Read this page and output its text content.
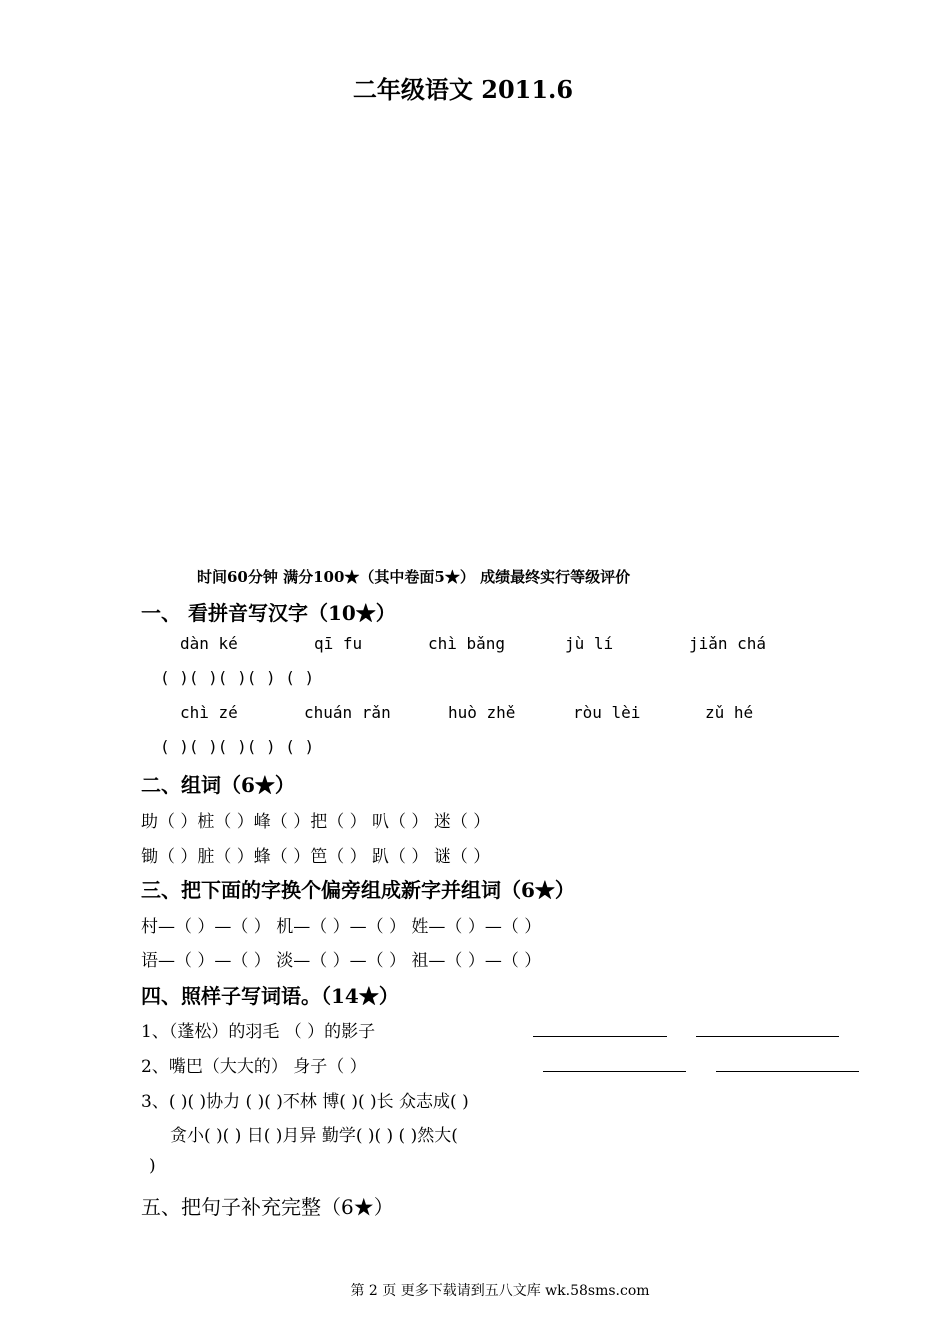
二年级语文 2011.6
时间60分钟 满分100★（其中卷面5★） 成绩最终实行等级评价
一、 看拼音写汉字（10★）
dàn ké	qī fu	chì bǎng	jù lí	jiǎn chá
( )( )( )( ) ( )
chì zé	chuán rǎn	huò zhě	ròu lèi	zǔ hé
( )( )( )( ) ( )
二、组词（6★）
助（ ）桩（ ）峰（ ）把（ ） 叭（ ） 迷（ ）
锄（ ）脏（ ）蜂（ ）笆（ ） 趴（ ） 谜（ ）
三、把下面的字换个偏旁组成新字并组词（6★）
村—（ ）—（ ） 机—（ ）—（ ） 姓—（ ）—（ ）
语—（ ）—（ ） 淡—（ ）—（ ） 祖—（ ）—（ ）
四、照样子写词语。（14★）
1、（蓬松）的羽毛 （ ）的影子
2、嘴巴（大大的） 身子（ ）
3、( )( )协力 ( )( )不林 博( )( )长 众志成( )
贪小( )( ) 日( )月异 勤学( )( ) ( )然大(
)
五、把句子补充完整（6★）
第 2 页 更多下载请到五八文库 wk.58sms.com
